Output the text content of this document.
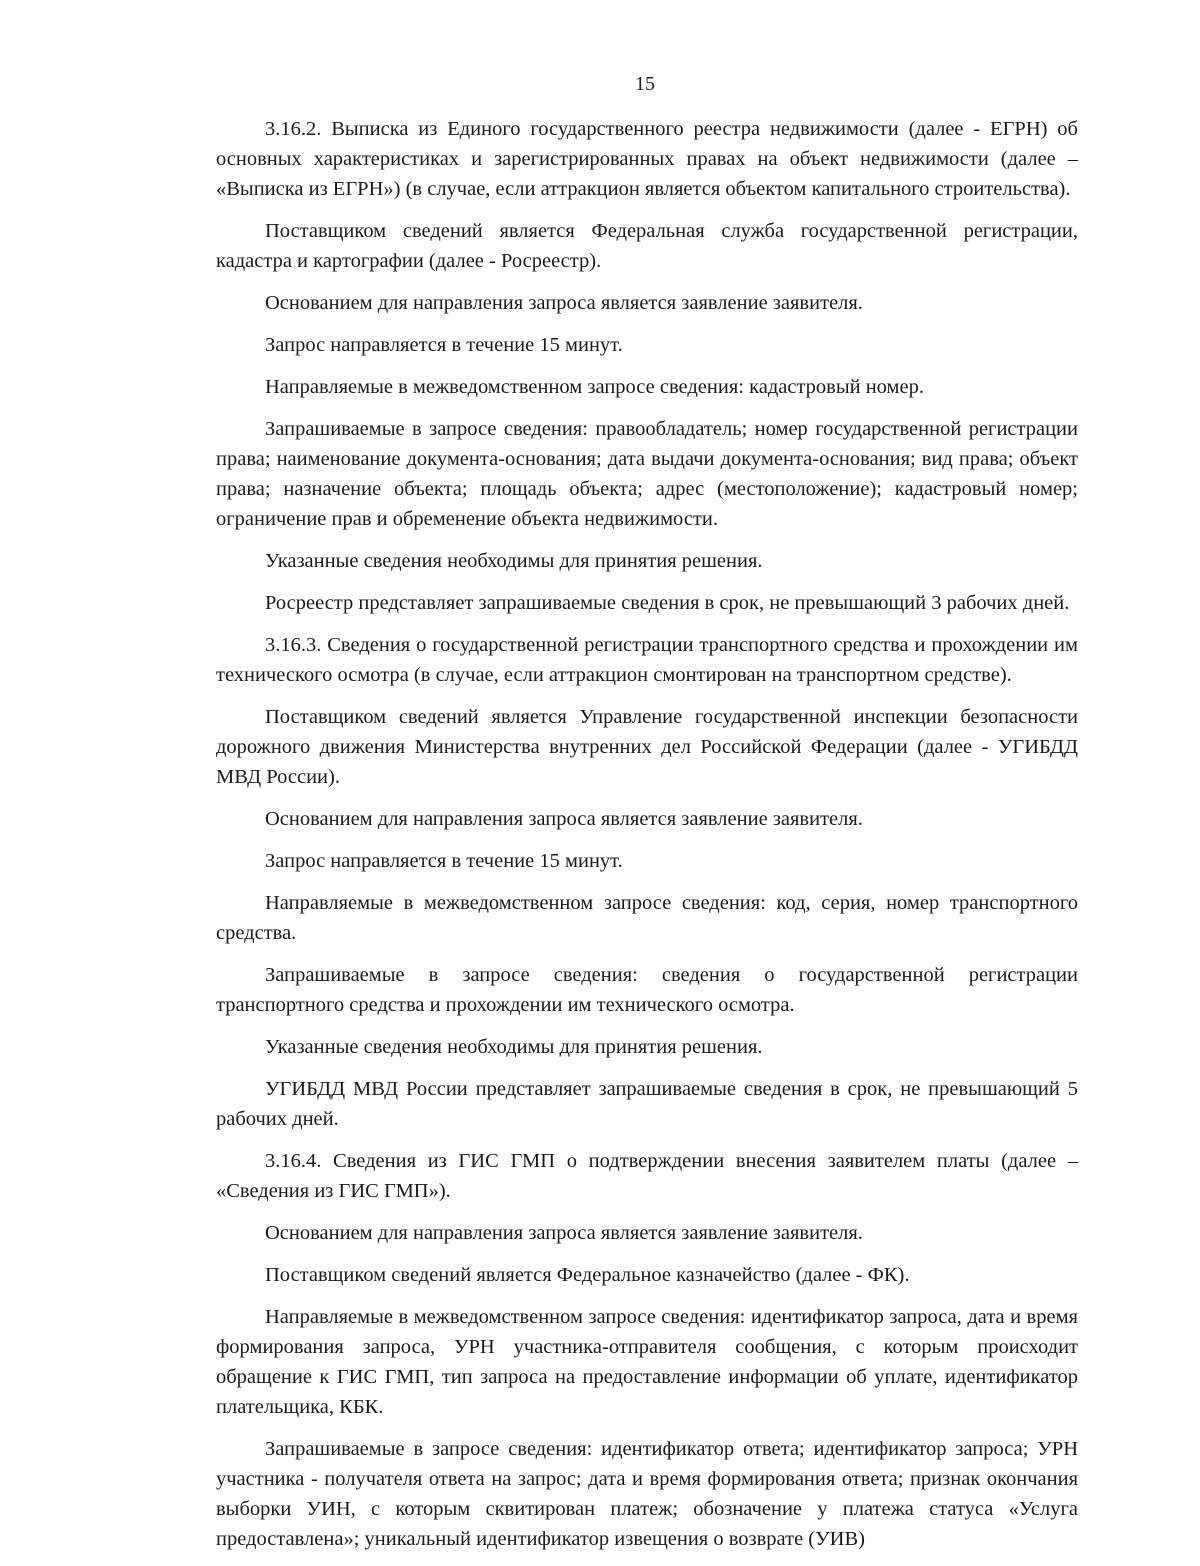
15

3.16.2. Выписка из Единого государственного реестра недвижимости (далее - ЕГРН) об основных характеристиках и зарегистрированных правах на объект недвижимости (далее – «Выписка из ЕГРН») (в случае, если аттракцион является объектом капитального строительства).

Поставщиком сведений является Федеральная служба государственной регистрации, кадастра и картографии (далее - Росреестр).

Основанием для направления запроса является заявление заявителя.

Запрос направляется в течение 15 минут.

Направляемые в межведомственном запросе сведения: кадастровый номер.

Запрашиваемые в запросе сведения: правообладатель; номер государственной регистрации права; наименование документа-основания; дата выдачи документа-основания; вид права; объект права; назначение объекта; площадь объекта; адрес (местоположение); кадастровый номер; ограничение прав и обременение объекта недвижимости.

Указанные сведения необходимы для принятия решения.

Росреестр представляет запрашиваемые сведения в срок, не превышающий 3 рабочих дней.

3.16.3. Сведения о государственной регистрации транспортного средства и прохождении им технического осмотра (в случае, если аттракцион смонтирован на транспортном средстве).

Поставщиком сведений является Управление государственной инспекции безопасности дорожного движения Министерства внутренних дел Российской Федерации (далее - УГИБДД МВД России).

Основанием для направления запроса является заявление заявителя.

Запрос направляется в течение 15 минут.

Направляемые в межведомственном запросе сведения: код, серия, номер транспортного средства.

Запрашиваемые в запросе сведения: сведения о государственной регистрации транспортного средства и прохождении им технического осмотра.

Указанные сведения необходимы для принятия решения.

УГИБДД МВД России представляет запрашиваемые сведения в срок, не превышающий 5 рабочих дней.

3.16.4. Сведения из ГИС ГМП о подтверждении внесения заявителем платы (далее – «Сведения из ГИС ГМП»).

Основанием для направления запроса является заявление заявителя.

Поставщиком сведений является Федеральное казначейство (далее - ФК).

Направляемые в межведомственном запросе сведения: идентификатор запроса, дата и время формирования запроса, УРН участника-отправителя сообщения, с которым происходит обращение к ГИС ГМП, тип запроса на предоставление информации об уплате, идентификатор плательщика, КБК.

Запрашиваемые в запросе сведения: идентификатор ответа; идентификатор запроса; УРН участника - получателя ответа на запрос; дата и время формирования ответа; признак окончания выборки УИН, с которым сквитирован платеж; обозначение у платежа статуса «Услуга предоставлена»; уникальный идентификатор извещения о возврате (УИВ)
